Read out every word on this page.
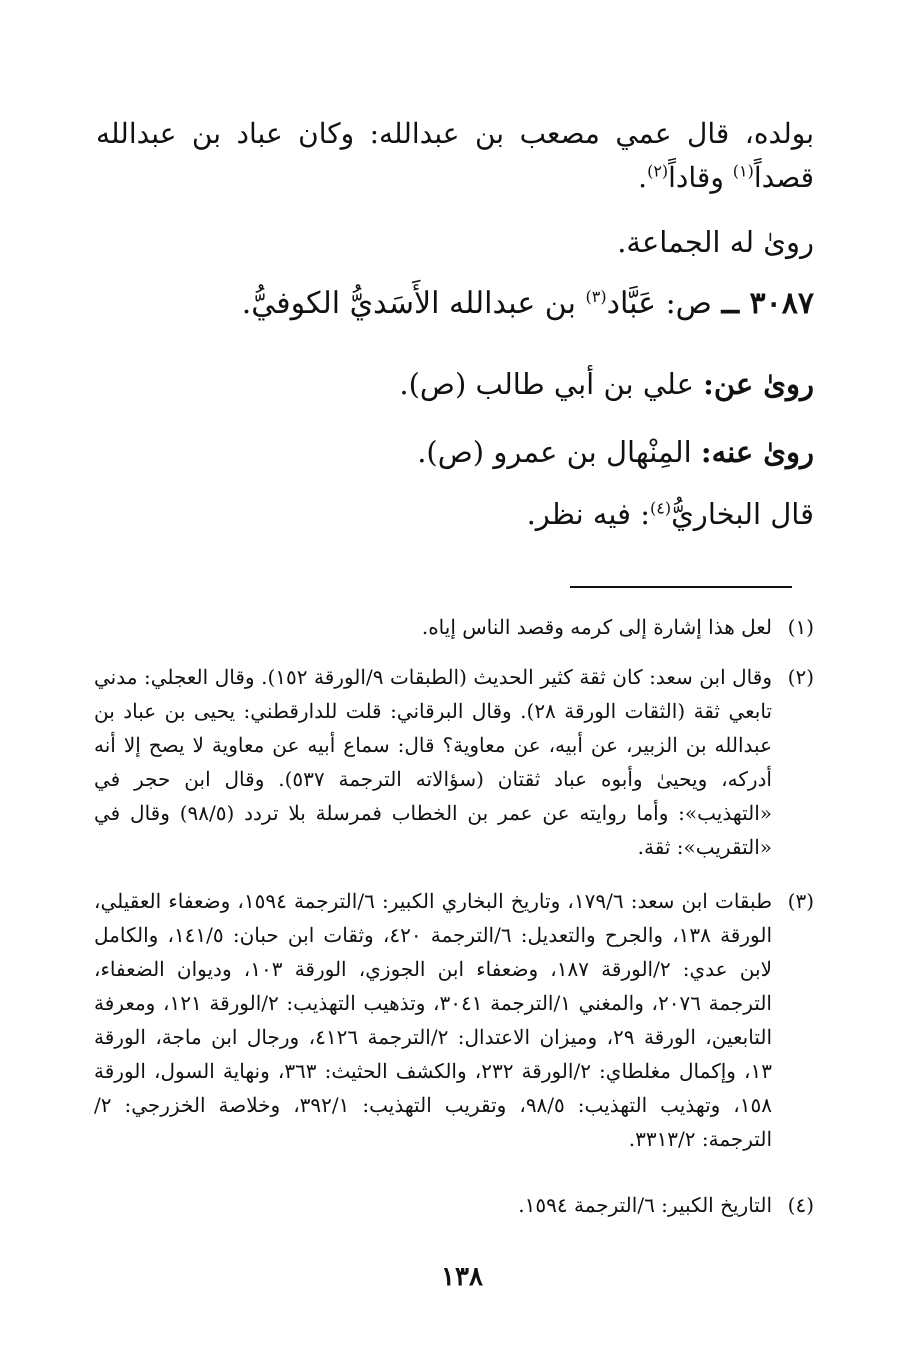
بولده، قال عمي مصعب بن عبدالله: وكان عباد بن عبدالله قصداً$^{(١)}$ وقاداً$^{(٢)}$.
روىٰ له الجماعة.
٣٠٨٧ ــ ص: عَبَّاد$^{(٣)}$ بن عبدالله الأَسَديُّ الكوفيُّ.
روىٰ عن: علي بن أبي طالب (ص).
روىٰ عنه: المِنْهال بن عمرو (ص).
قال البخاريُّ$^{(٤)}$: فيه نظر.
(١)
لعل هذا إشارة إلى كرمه وقصد الناس إياه.
(٢)
وقال ابن سعد: كان ثقة كثير الحديث (الطبقات ٩/الورقة ١٥٢). وقال العجلي: مدني تابعي ثقة (الثقات الورقة ٢٨). وقال البرقاني: قلت للدارقطني: يحيى بن عباد بن عبدالله بن الزبير، عن أبيه، عن معاوية؟ قال: سماع أبيه عن معاوية لا يصح إلا أنه أدركه، ويحيىٰ وأبوه عباد ثقتان (سؤالاته الترجمة ٥٣٧). وقال ابن حجر في «التهذيب»: وأما روايته عن عمر بن الخطاب فمرسلة بلا تردد (٩٨/٥) وقال في «التقريب»: ثقة.
(٣)
طبقات ابن سعد: ١٧٩/٦، وتاريخ البخاري الكبير: ٦/الترجمة ١٥٩٤، وضعفاء العقيلي، الورقة ١٣٨، والجرح والتعديل: ٦/الترجمة ٤٢٠، وثقات ابن حبان: ١٤١/٥، والكامل لابن عدي: ٢/الورقة ١٨٧، وضعفاء ابن الجوزي، الورقة ١٠٣، وديوان الضعفاء، الترجمة ٢٠٧٦، والمغني ١/الترجمة ٣٠٤١، وتذهيب التهذيب: ٢/الورقة ١٢١، ومعرفة التابعين، الورقة ٢٩، وميزان الاعتدال: ٢/الترجمة ٤١٢٦، ورجال ابن ماجة، الورقة ١٣، وإكمال مغلطاي: ٢/الورقة ٢٣٢، والكشف الحثيث: ٣٦٣، ونهاية السول، الورقة ١٥٨، وتهذيب التهذيب: ٩٨/٥، وتقريب التهذيب: ٣٩٢/١، وخلاصة الخزرجي: ٢/الترجمة: ٣٣١٣/٢.
(٤)
التاريخ الكبير: ٦/الترجمة ١٥٩٤.
١٣٨
